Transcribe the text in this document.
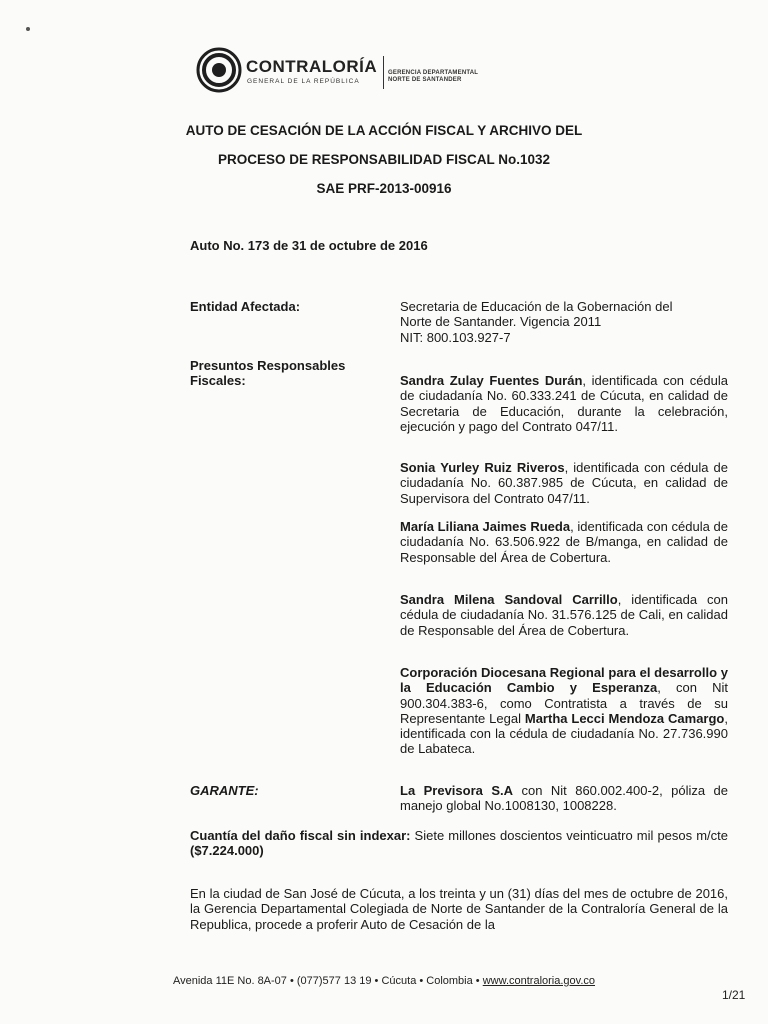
CONTRALORÍA
GENERAL DE LA REPÚBLICA
GERENCIA DEPARTAMENTAL
NORTE DE SANTANDER
AUTO DE CESACIÓN DE LA ACCIÓN FISCAL Y ARCHIVO DEL
PROCESO DE RESPONSABILIDAD FISCAL No.1032
SAE PRF-2013-00916
Auto No. 173 de 31 de octubre de 2016
Entidad Afectada:	Secretaria de Educación de la Gobernación del
Norte de Santander. Vigencia 2011
NIT: 800.103.927-7
Presuntos Responsables
Fiscales:	Sandra Zulay Fuentes Durán, identificada con cédula de ciudadanía No. 60.333.241 de Cúcuta, en calidad de Secretaria de Educación, durante la celebración, ejecución y pago del Contrato 047/11.
Sonia Yurley Ruiz Riveros, identificada con cédula de ciudadanía No. 60.387.985 de Cúcuta, en calidad de Supervisora del Contrato 047/11.
María Liliana Jaimes Rueda, identificada con cédula de ciudadanía No. 63.506.922 de B/manga, en calidad de Responsable del Área de Cobertura.
Sandra Milena Sandoval Carrillo, identificada con cédula de ciudadanía No. 31.576.125 de Cali, en calidad de Responsable del Área de Cobertura.
Corporación Diocesana Regional para el desarrollo y la Educación Cambio y Esperanza, con Nit 900.304.383-6, como Contratista a través de su Representante Legal Martha Lecci Mendoza Camargo, identificada con la cédula de ciudadanía No. 27.736.990 de Labateca.
GARANTE:	La Previsora S.A con Nit 860.002.400-2, póliza de manejo global No.1008130, 1008228.
Cuantía del daño fiscal sin indexar: Siete millones doscientos veinticuatro mil pesos m/cte ($7.224.000)
En la ciudad de San José de Cúcuta, a los treinta y un (31) días del mes de octubre de 2016, la Gerencia Departamental Colegiada de Norte de Santander de la Contraloría General de la Republica, procede a proferir Auto de Cesación de la
Avenida 11E No. 8A-07 • (077)577 13 19 • Cúcuta • Colombia • www.contraloria.gov.co
1/21
